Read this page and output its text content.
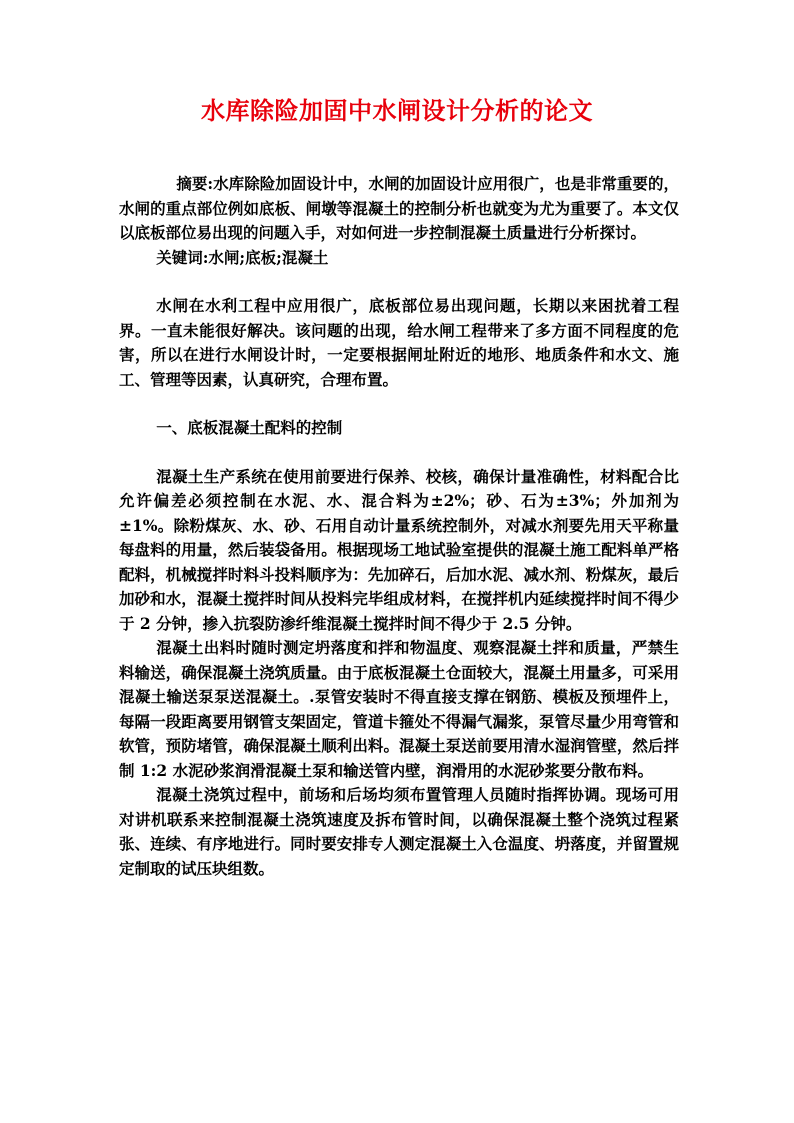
水库除险加固中水闸设计分析的论文

摘要:水库除险加固设计中，水闸的加固设计应用很广，也是非常重要的，水闸的重点部位例如底板、闸墩等混凝土的控制分析也就变为尤为重要了。本文仅以底板部位易出现的问题入手，对如何进一步控制混凝土质量进行分析探讨。

关键词:水闸;底板;混凝土

水闸在水利工程中应用很广，底板部位易出现问题，长期以来困扰着工程界。一直未能很好解决。该问题的出现，给水闸工程带来了多方面不同程度的危害，所以在进行水闸设计时，一定要根据闸址附近的地形、地质条件和水文、施工、管理等因素，认真研究，合理布置。

一、底板混凝土配料的控制

混凝土生产系统在使用前要进行保养、校核，确保计量准确性，材料配合比允许偏差必须控制在水泥、水、混合料为±2%；砂、石为±3%；外加剂为±1%。除粉煤灰、水、砂、石用自动计量系统控制外，对减水剂要先用天平称量每盘料的用量，然后装袋备用。根据现场工地试验室提供的混凝土施工配料单严格配料，机械搅拌时料斗投料顺序为：先加碎石，后加水泥、减水剂、粉煤灰，最后加砂和水，混凝土搅拌时间从投料完毕组成材料，在搅拌机内延续搅拌时间不得少于 2 分钟，掺入抗裂防渗纤维混凝土搅拌时间不得少于 2.5 分钟。

混凝土出料时随时测定坍落度和拌和物温度、观察混凝土拌和质量，严禁生料输送，确保混凝土浇筑质量。由于底板混凝土仓面较大，混凝土用量多，可采用混凝土输送泵泵送混凝土。.泵管安装时不得直接支撑在钢筋、模板及预埋件上，每隔一段距离要用钢管支架固定，管道卡箍处不得漏气漏浆，泵管尽量少用弯管和软管，预防堵管，确保混凝土顺利出料。混凝土泵送前要用清水湿润管壁，然后拌制 1:2 水泥砂浆润滑混凝土泵和输送管内壁，润滑用的水泥砂浆要分散布料。

混凝土浇筑过程中，前场和后场均须布置管理人员随时指挥协调。现场可用对讲机联系来控制混凝土浇筑速度及拆布管时间，以确保混凝土整个浇筑过程紧张、连续、有序地进行。同时要安排专人测定混凝土入仓温度、坍落度，并留置规定制取的试压块组数。
